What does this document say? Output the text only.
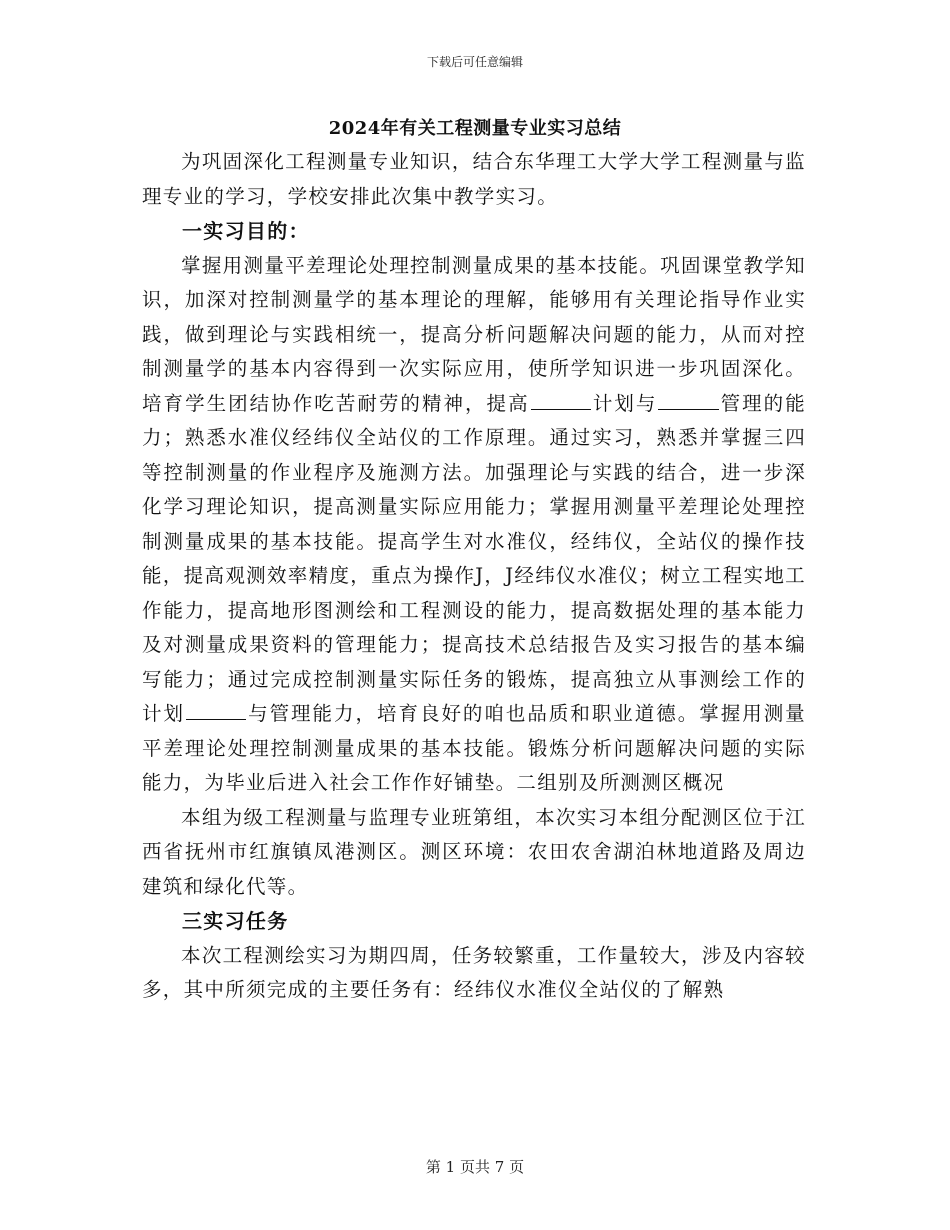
下载后可任意编辑
2024年有关工程测量专业实习总结

为巩固深化工程测量专业知识，结合东华理工大学大学工程测量与监理专业的学习，学校安排此次集中教学实习。

一实习目的：

掌握用测量平差理论处理控制测量成果的基本技能。巩固课堂教学知识，加深对控制测量学的基本理论的理解，能够用有关理论指导作业实践，做到理论与实践相统一，提高分析问题解决问题的能力，从而对控制测量学的基本内容得到一次实际应用，使所学知识进一步巩固深化。培育学生团结协作吃苦耐劳的精神，提高	计划与	管理的能力；熟悉水准仪经纬仪全站仪的工作原理。通过实习，熟悉并掌握三四等控制测量的作业程序及施测方法。加强理论与实践的结合，进一步深化学习理论知识，提高测量实际应用能力；掌握用测量平差理论处理控制测量成果的基本技能。提高学生对水准仪，经纬仪，全站仪的操作技能，提高观测效率精度，重点为操作J，J经纬仪水准仪；树立工程实地工作能力，提高地形图测绘和工程测设的能力，提高数据处理的基本能力及对测量成果资料的管理能力；提高技术总结报告及实习报告的基本编写能力；通过完成控制测量实际任务的锻炼，提高独立从事测绘工作的计划	与管理能力，培育良好的咱也品质和职业道德。掌握用测量平差理论处理控制测量成果的基本技能。锻炼分析问题解决问题的实际能力，为毕业后进入社会工作作好铺垫。二组别及所测测区概况

本组为级工程测量与监理专业班第组，本次实习本组分配测区位于江西省抚州市红旗镇凤港测区。测区环境：农田农舍湖泊林地道路及周边建筑和绿化代等。

三实习任务

本次工程测绘实习为期四周，任务较繁重，工作量较大，涉及内容较多，其中所须完成的主要任务有：经纬仪水准仪全站仪的了解熟

第 1 页共 7 页
